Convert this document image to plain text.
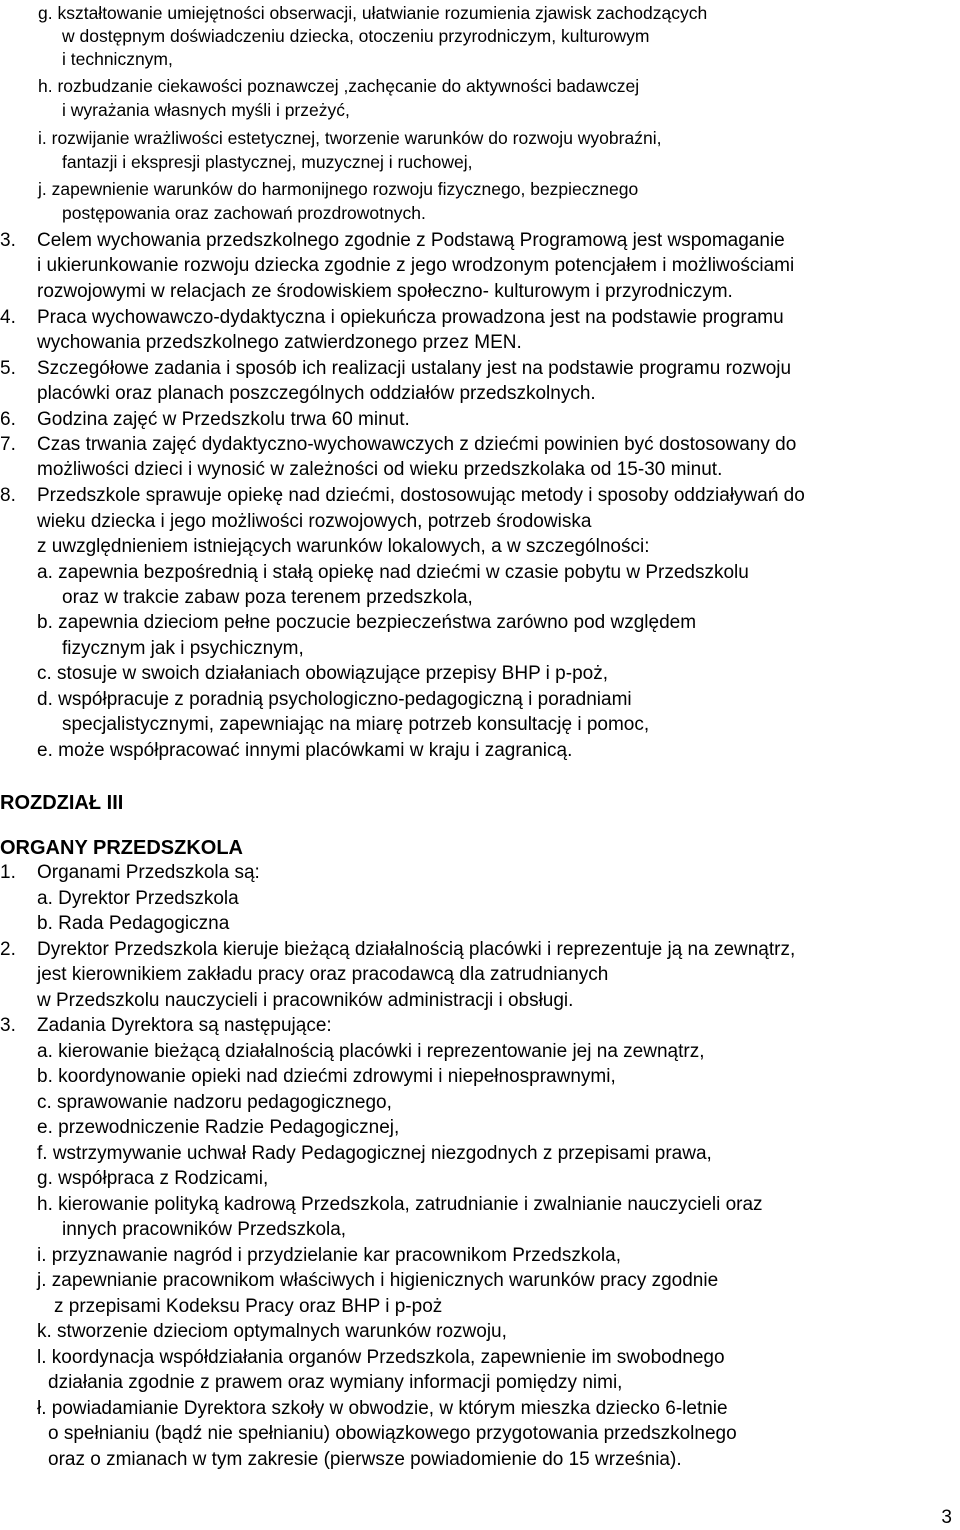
g. kształtowanie umiejętności obserwacji, ułatwianie rozumienia zjawisk zachodzących
w dostępnym doświadczeniu dziecka, otoczeniu przyrodniczym, kulturowym
i technicznym,
h. rozbudzanie ciekawości poznawczej ,zachęcanie do aktywności badawczej
i wyrażania własnych myśli i przeżyć,
i. rozwijanie wrażliwości estetycznej, tworzenie warunków do rozwoju wyobraźni,
fantazji i ekspresji plastycznej, muzycznej i ruchowej,
j. zapewnienie warunków do harmonijnego rozwoju fizycznego, bezpiecznego
postępowania oraz zachowań prozdrowotnych.
3. Celem wychowania przedszkolnego zgodnie z Podstawą Programową jest wspomaganie
i ukierunkowanie rozwoju dziecka zgodnie z jego wrodzonym potencjałem i możliwościami
rozwojowymi w relacjach ze środowiskiem społeczno- kulturowym i przyrodniczym.
4. Praca wychowawczo-dydaktyczna i opiekuńcza prowadzona jest na podstawie programu
wychowania przedszkolnego zatwierdzonego przez MEN.
5. Szczegółowe zadania i sposób ich realizacji ustalany jest na podstawie programu rozwoju
placówki oraz planach poszczególnych oddziałów przedszkolnych.
6. Godzina zajęć w Przedszkolu trwa 60 minut.
7. Czas trwania zajęć dydaktyczno-wychowawczych z dziećmi powinien być dostosowany do
możliwości dzieci i wynosić w zależności od wieku przedszkolaka od 15-30 minut.
8. Przedszkole sprawuje opiekę nad dziećmi, dostosowując metody i sposoby oddziaływań do
wieku dziecka i jego możliwości rozwojowych, potrzeb środowiska
z uwzględnieniem istniejących warunków lokalowych, a w szczególności:
a. zapewnia bezpośrednią i stałą opiekę nad dziećmi w czasie pobytu w Przedszkolu
oraz w trakcie zabaw poza terenem przedszkola,
b. zapewnia dzieciom pełne poczucie bezpieczeństwa zarówno pod względem
fizycznym jak i psychicznym,
c. stosuje w swoich działaniach obowiązujące przepisy BHP i p-poż,
d. współpracuje z poradnią psychologiczno-pedagogiczną i poradniami
specjalistycznymi, zapewniając na miarę potrzeb konsultację i pomoc,
e. może współpracować innymi placówkami w kraju i zagranicą.
ROZDZIAŁ III
ORGANY PRZEDSZKOLA
1. Organami Przedszkola są:
a. Dyrektor Przedszkola
b. Rada Pedagogiczna
2. Dyrektor Przedszkola kieruje bieżącą działalnością placówki i reprezentuje ją na zewnątrz,
jest kierownikiem zakładu pracy oraz pracodawcą dla zatrudnianych
w Przedszkolu nauczycieli i pracowników administracji i obsługi.
3. Zadania Dyrektora są następujące:
a. kierowanie bieżącą działalnością placówki i reprezentowanie jej na zewnątrz,
b. koordynowanie opieki nad dziećmi zdrowymi i niepełnosprawnymi,
c. sprawowanie nadzoru pedagogicznego,
e. przewodniczenie Radzie Pedagogicznej,
f. wstrzymywanie uchwał Rady Pedagogicznej niezgodnych z przepisami prawa,
g. współpraca z Rodzicami,
h. kierowanie polityką kadrową Przedszkola, zatrudnianie i zwalnianie nauczycieli oraz
innych pracowników Przedszkola,
i. przyznawanie nagród i przydzielanie kar pracownikom Przedszkola,
j. zapewnianie pracownikom właściwych i higienicznych warunków pracy zgodnie
z przepisami Kodeksu Pracy oraz BHP i p-poż
k. stworzenie dzieciom optymalnych warunków rozwoju,
l. koordynacja współdziałania organów Przedszkola, zapewnienie im swobodnego
działania zgodnie z prawem oraz wymiany informacji pomiędzy nimi,
ł. powiadamianie Dyrektora szkoły w obwodzie, w którym mieszka dziecko 6-letnie
o spełnianiu (bądź nie spełnianiu) obowiązkowego przygotowania przedszkolnego
oraz o zmianach w tym zakresie (pierwsze powiadomienie do 15 września).
3
